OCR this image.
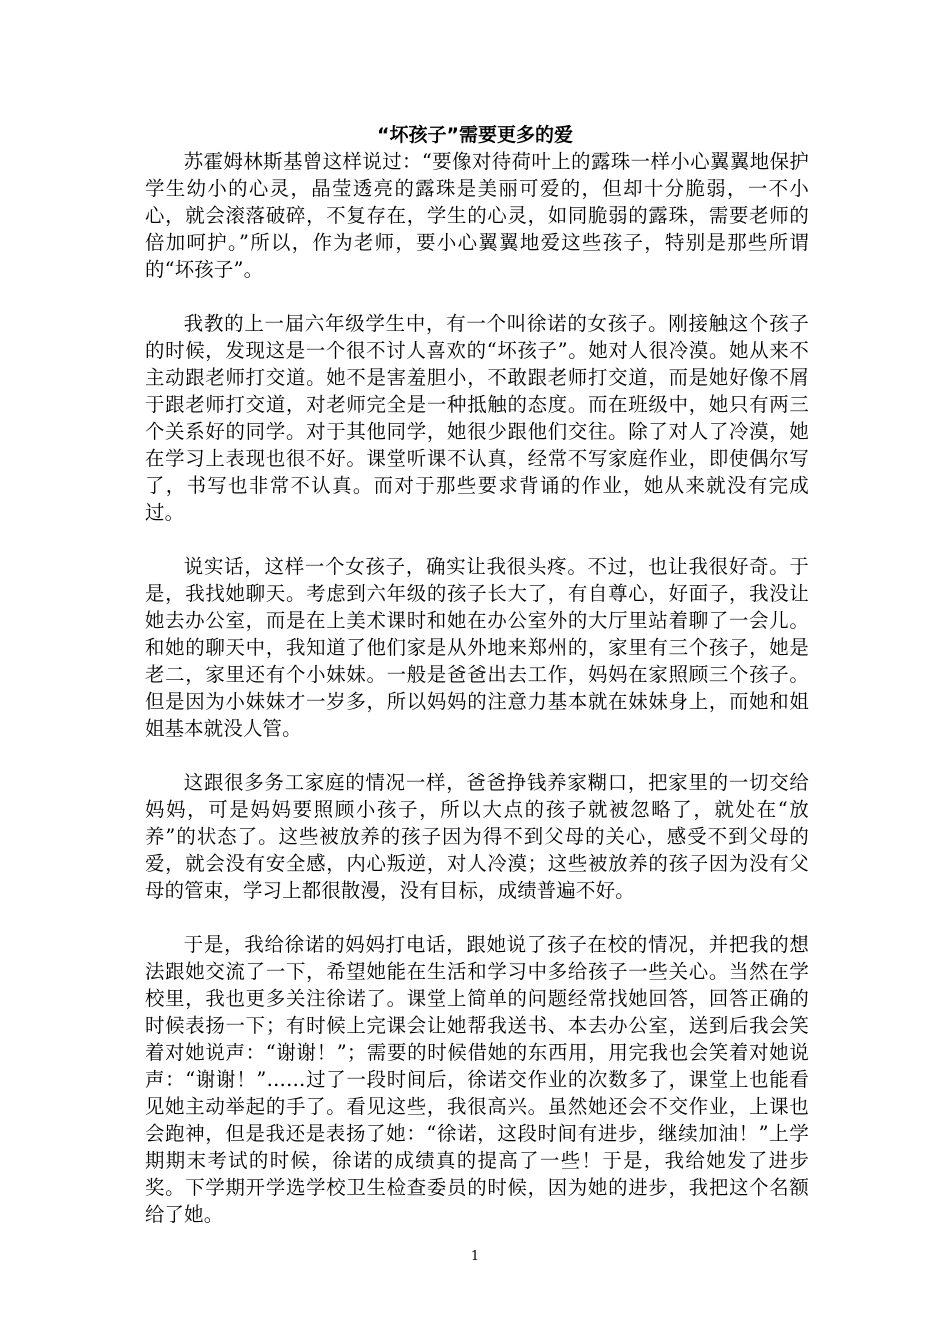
“坏孩子”需要更多的爱

苏霍姆林斯基曾这样说过：“要像对待荷叶上的露珠一样小心翼翼地保护学生幼小的心灵，晶莹透亮的露珠是美丽可爱的，但却十分脆弱，一不小心，就会滚落破碎，不复存在，学生的心灵，如同脆弱的露珠，需要老师的倍加呵护。”所以，作为老师，要小心翼翼地爱这些孩子，特别是那些所谓的“坏孩子”。

我教的上一届六年级学生中，有一个叫徐诺的女孩子。刚接触这个孩子的时候，发现这是一个很不讨人喜欢的“坏孩子”。她对人很冷漠。她从来不主动跟老师打交道。她不是害羞胆小，不敢跟老师打交道，而是她好像不屑于跟老师打交道，对老师完全是一种抵触的态度。而在班级中，她只有两三个关系好的同学。对于其他同学，她很少跟他们交往。除了对人了冷漠，她在学习上表现也很不好。课堂听课不认真，经常不写家庭作业，即使偶尔写了，书写也非常不认真。而对于那些要求背诵的作业，她从来就没有完成过。

说实话，这样一个女孩子，确实让我很头疼。不过，也让我很好奇。于是，我找她聊天。考虑到六年级的孩子长大了，有自尊心，好面子，我没让她去办公室，而是在上美术课时和她在办公室外的大厅里站着聊了一会儿。和她的聊天中，我知道了他们家是从外地来郑州的，家里有三个孩子，她是老二，家里还有个小妹妹。一般是爸爸出去工作，妈妈在家照顾三个孩子。但是因为小妹妹才一岁多，所以妈妈的注意力基本就在妹妹身上，而她和姐姐基本就没人管。

这跟很多务工家庭的情况一样，爸爸挣钱养家糊口，把家里的一切交给妈妈，可是妈妈要照顾小孩子，所以大点的孩子就被忽略了，就处在“放养”的状态了。这些被放养的孩子因为得不到父母的关心，感受不到父母的爱，就会没有安全感，内心叛逆，对人冷漠；这些被放养的孩子因为没有父母的管束，学习上都很散漫，没有目标，成绩普遍不好。

于是，我给徐诺的妈妈打电话，跟她说了孩子在校的情况，并把我的想法跟她交流了一下，希望她能在生活和学习中多给孩子一些关心。当然在学校里，我也更多关注徐诺了。课堂上简单的问题经常找她回答，回答正确的时候表扬一下；有时候上完课会让她帮我送书、本去办公室，送到后我会笑着对她说声：“谢谢！”；需要的时候借她的东西用，用完我也会笑着对她说声：“谢谢！”……过了一段时间后，徐诺交作业的次数多了，课堂上也能看见她主动举起的手了。看见这些，我很高兴。虽然她还会不交作业，上课也会跑神，但是我还是表扬了她：“徐诺，这段时间有进步，继续加油！”上学期期末考试的时候，徐诺的成绩真的提高了一些！于是，我给她发了进步奖。下学期开学选学校卫生检查委员的时候，因为她的进步，我把这个名额给了她。

1
